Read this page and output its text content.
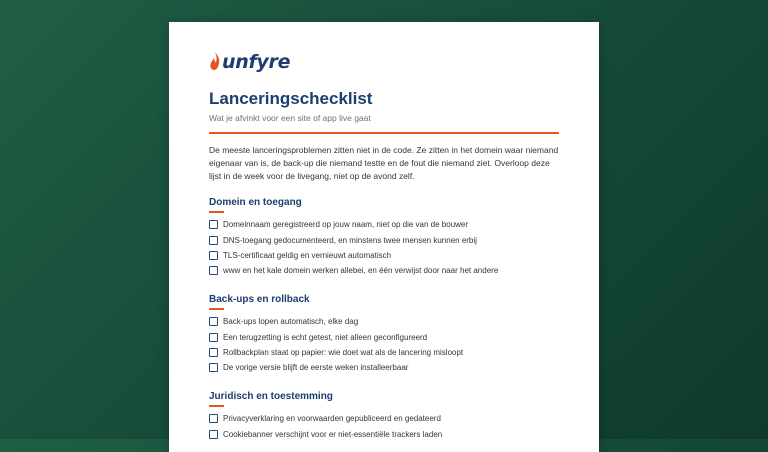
unfyre
Lanceringschecklist
Wat je afvinkt voor een site of app live gaat

De meeste lanceringsproblemen zitten niet in de code. Ze zitten in het domein waar niemand eigenaar van is, de back-up die niemand testte en de fout die niemand ziet. Overloop deze lijst in de week voor de livegang, niet op de avond zelf.

Domein en toegang
Domeinnaam geregistreerd op jouw naam, niet op die van de bouwer
DNS-toegang gedocumenteerd, en minstens twee mensen kunnen erbij
TLS-certificaat geldig en vernieuwt automatisch
www en het kale domein werken allebei, en één verwijst door naar het andere
Back-ups en rollback
Back-ups lopen automatisch, elke dag
Een terugzetting is echt getest, niet alleen geconfigureerd
Rollbackplan staat op papier: wie doet wat als de lancering misloopt
De vorige versie blijft de eerste weken installeerbaar
Juridisch en toestemming
Privacyverklaring en voorwaarden gepubliceerd en gedateerd
Cookiebanner verschijnt voor er niet-essentiële trackers laden
